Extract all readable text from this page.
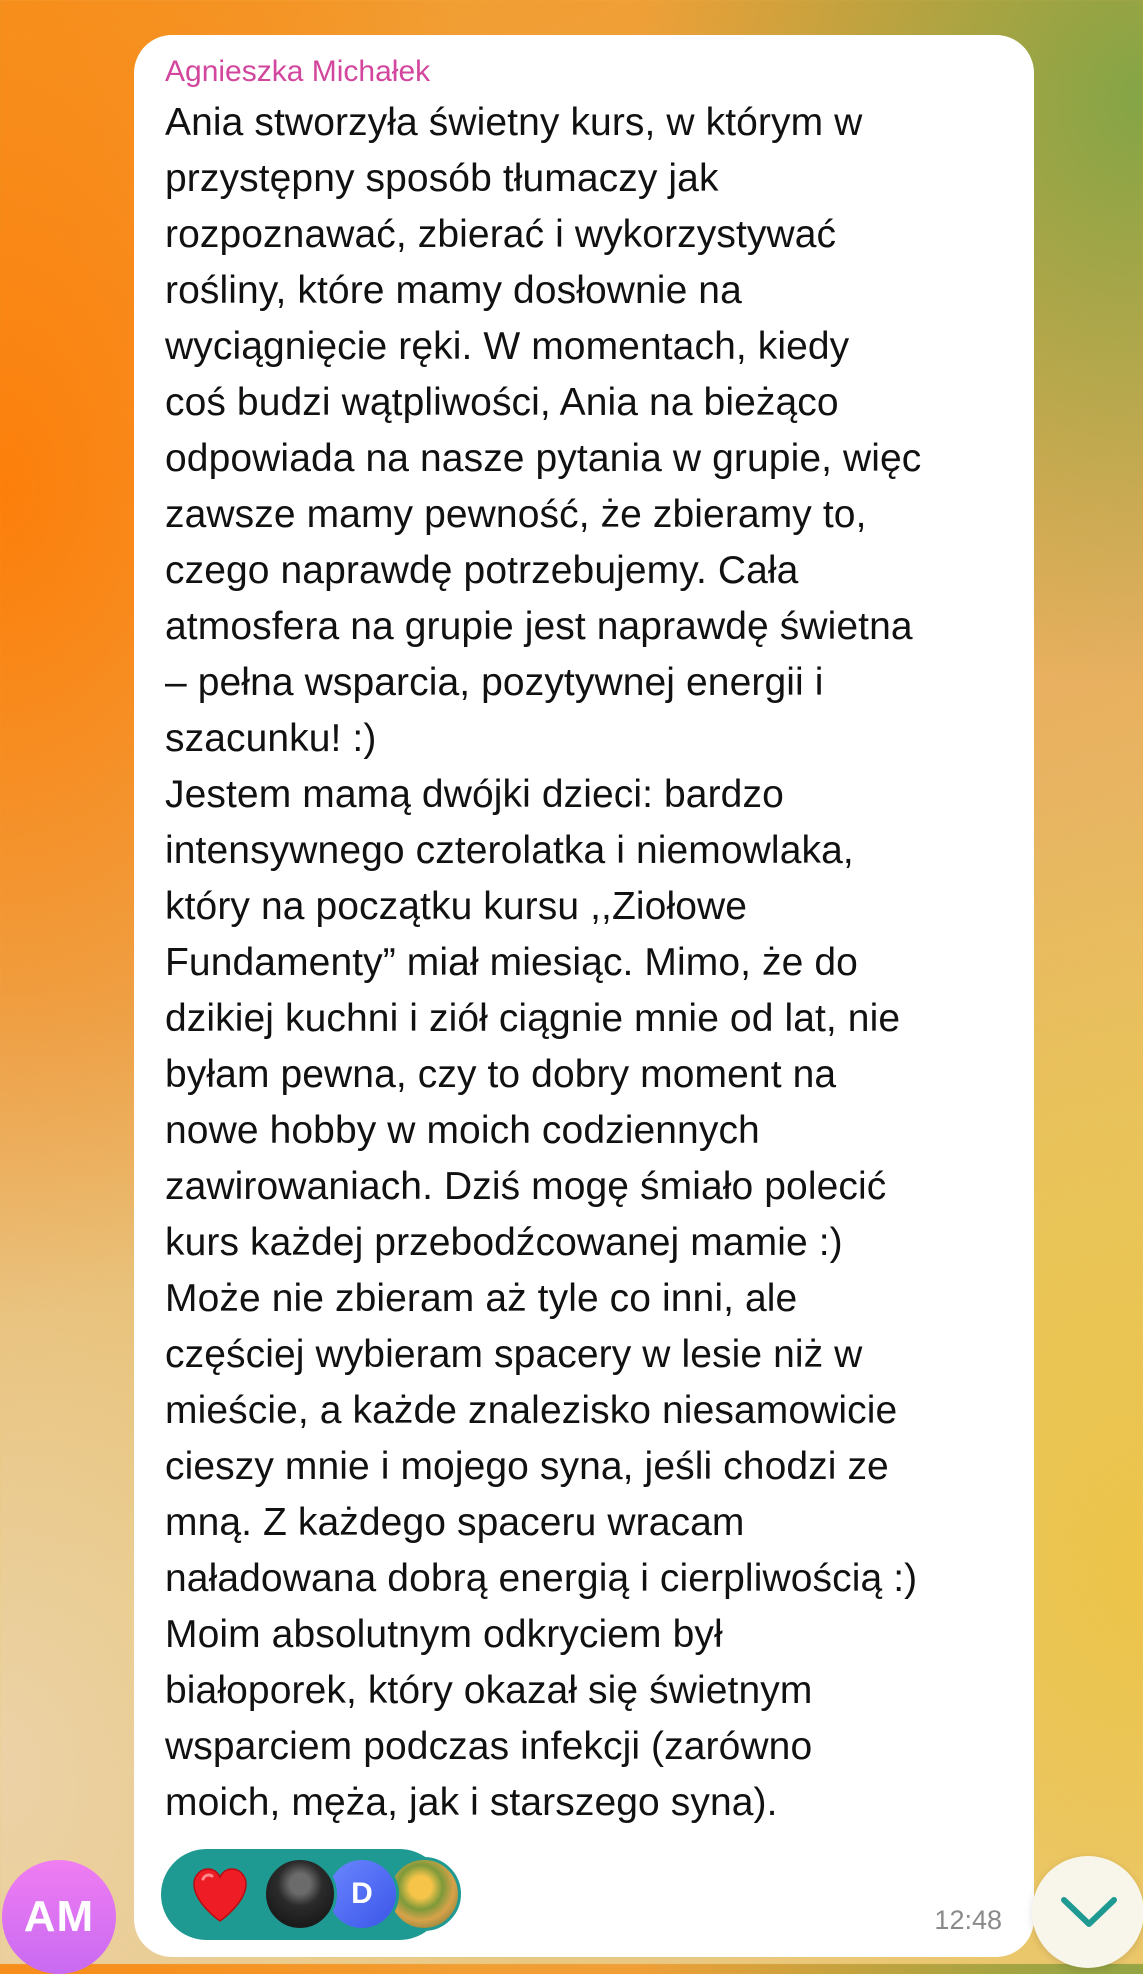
Agnieszka Michałek
Ania stworzyła świetny kurs, w którym w
przystępny sposób tłumaczy jak
rozpoznawać, zbierać i wykorzystywać
rośliny, które mamy dosłownie na
wyciągnięcie ręki. W momentach, kiedy
coś budzi wątpliwości, Ania na bieżąco
odpowiada na nasze pytania w grupie, więc
zawsze mamy pewność, że zbieramy to,
czego naprawdę potrzebujemy. Cała
atmosfera na grupie jest naprawdę świetna
– pełna wsparcia, pozytywnej energii i
szacunku! :)
Jestem mamą dwójki dzieci: bardzo
intensywnego czterolatka i niemowlaka,
który na początku kursu ,,Ziołowe
Fundamenty” miał miesiąc. Mimo, że do
dzikiej kuchni i ziół ciągnie mnie od lat, nie
byłam pewna, czy to dobry moment na
nowe hobby w moich codziennych
zawirowaniach. Dziś mogę śmiało polecić
kurs każdej przebodźcowanej mamie :)
Może nie zbieram aż tyle co inni, ale
częściej wybieram spacery w lesie niż w
mieście, a każde znalezisko niesamowicie
cieszy mnie i mojego syna, jeśli chodzi ze
mną. Z każdego spaceru wracam
naładowana dobrą energią i cierpliwością :)
Moim absolutnym odkryciem był
białoporek, który okazał się świetnym
wsparciem podczas infekcji (zarówno
moich, męża, jak i starszego syna).
D
12:48
AM
